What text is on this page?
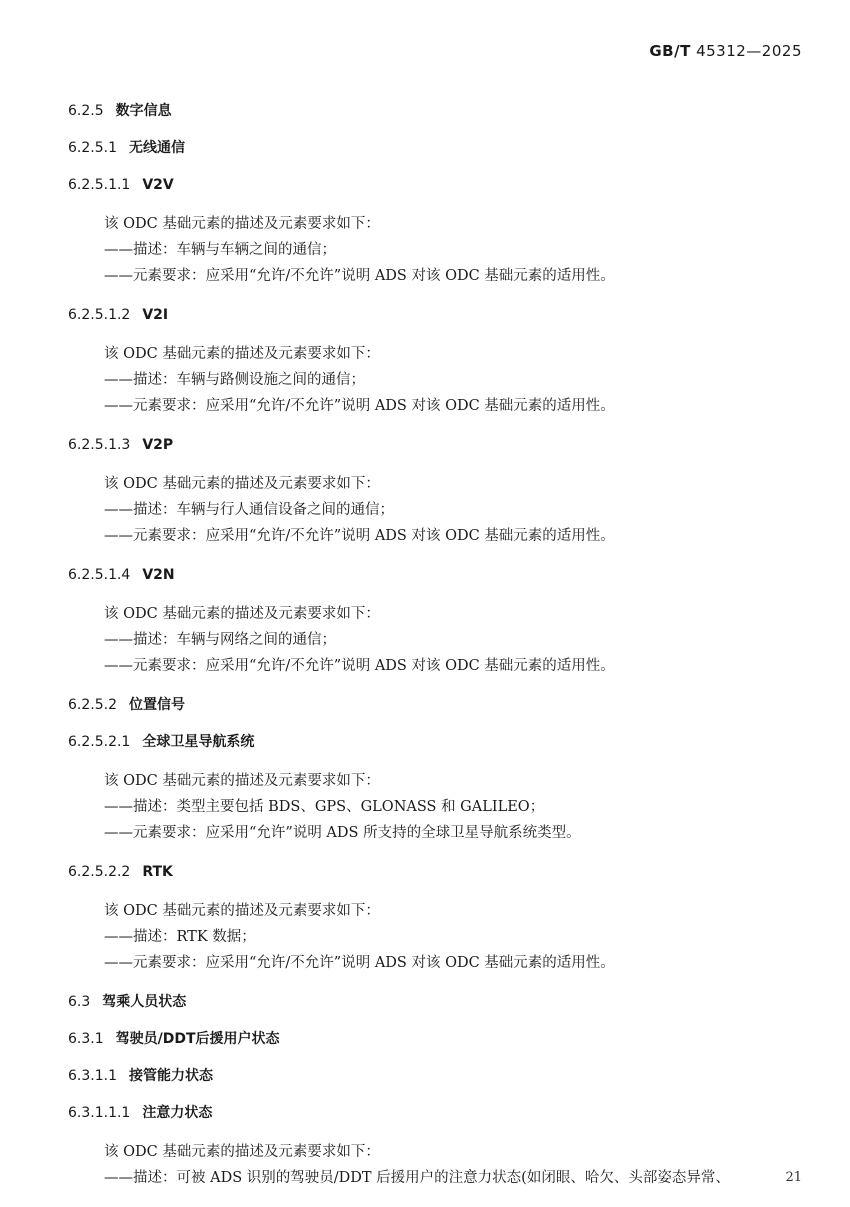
GB/T 45312—2025
6.2.5 数字信息
6.2.5.1 无线通信
6.2.5.1.1 V2V
该 ODC 基础元素的描述及元素要求如下：
——描述：车辆与车辆之间的通信；
——元素要求：应采用“允许/不允许”说明 ADS 对该 ODC 基础元素的适用性。
6.2.5.1.2 V2I
该 ODC 基础元素的描述及元素要求如下：
——描述：车辆与路侧设施之间的通信；
——元素要求：应采用“允许/不允许”说明 ADS 对该 ODC 基础元素的适用性。
6.2.5.1.3 V2P
该 ODC 基础元素的描述及元素要求如下：
——描述：车辆与行人通信设备之间的通信；
——元素要求：应采用“允许/不允许”说明 ADS 对该 ODC 基础元素的适用性。
6.2.5.1.4 V2N
该 ODC 基础元素的描述及元素要求如下：
——描述：车辆与网络之间的通信；
——元素要求：应采用“允许/不允许”说明 ADS 对该 ODC 基础元素的适用性。
6.2.5.2 位置信号
6.2.5.2.1 全球卫星导航系统
该 ODC 基础元素的描述及元素要求如下：
——描述：类型主要包括 BDS、GPS、GLONASS 和 GALILEO；
——元素要求：应采用“允许”说明 ADS 所支持的全球卫星导航系统类型。
6.2.5.2.2 RTK
该 ODC 基础元素的描述及元素要求如下：
——描述：RTK 数据；
——元素要求：应采用“允许/不允许”说明 ADS 对该 ODC 基础元素的适用性。
6.3 驾乘人员状态
6.3.1 驾驶员/DDT后援用户状态
6.3.1.1 接管能力状态
6.3.1.1.1 注意力状态
该 ODC 基础元素的描述及元素要求如下：
——描述：可被 ADS 识别的驾驶员/DDT 后援用户的注意力状态(如闭眼、哈欠、头部姿态异常、	21
